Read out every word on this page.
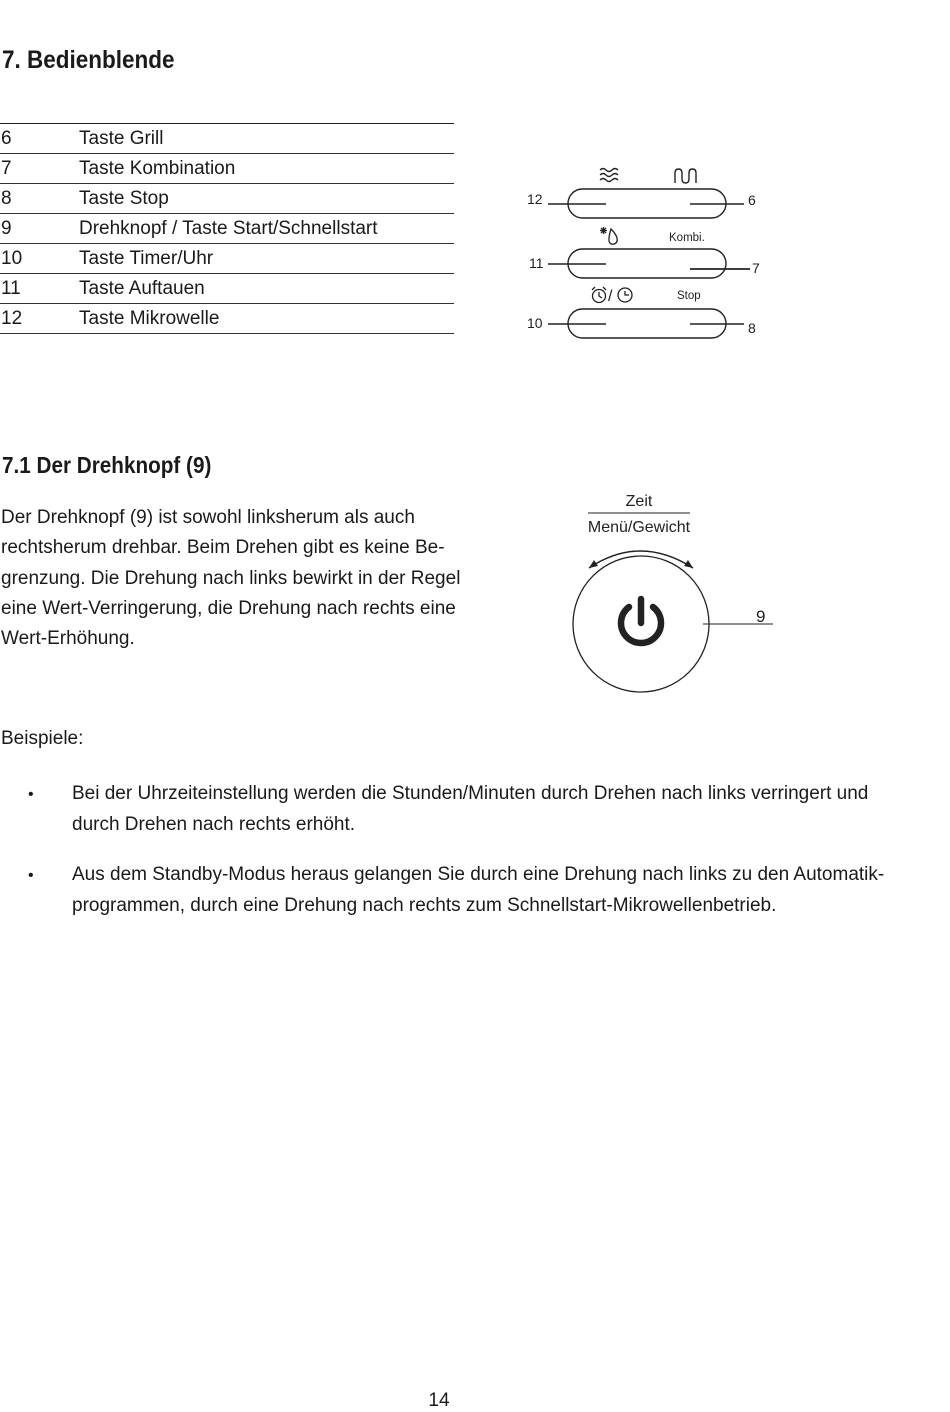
7. Bedienblende
6	Taste Grill
7	Taste Kombination
8	Taste Stop
9	Drehknopf / Taste Start/Schnellstart
10	Taste Timer/Uhr
11	Taste Auftauen
12	Taste Mikrowelle
Kombi.
/	Stop
12
11
10
6
7
8
7.1 Der Drehknopf (9)
Der Drehknopf (9) ist sowohl linksherum als auch
rechtsherum drehbar. Beim Drehen gibt es keine Be-
grenzung. Die Drehung nach links bewirkt in der Regel
eine Wert-Verringerung, die Drehung nach rechts eine
Wert-Erhöhung.
Zeit
Menü/Gewicht
9
Beispiele:
• Bei der Uhrzeiteinstellung werden die Stunden/Minuten durch Drehen nach links verringert und
durch Drehen nach rechts erhöht.
• Aus dem Standby-Modus heraus gelangen Sie durch eine Drehung nach links zu den Automatik-
programmen, durch eine Drehung nach rechts zum Schnellstart-Mikrowellenbetrieb.
14
